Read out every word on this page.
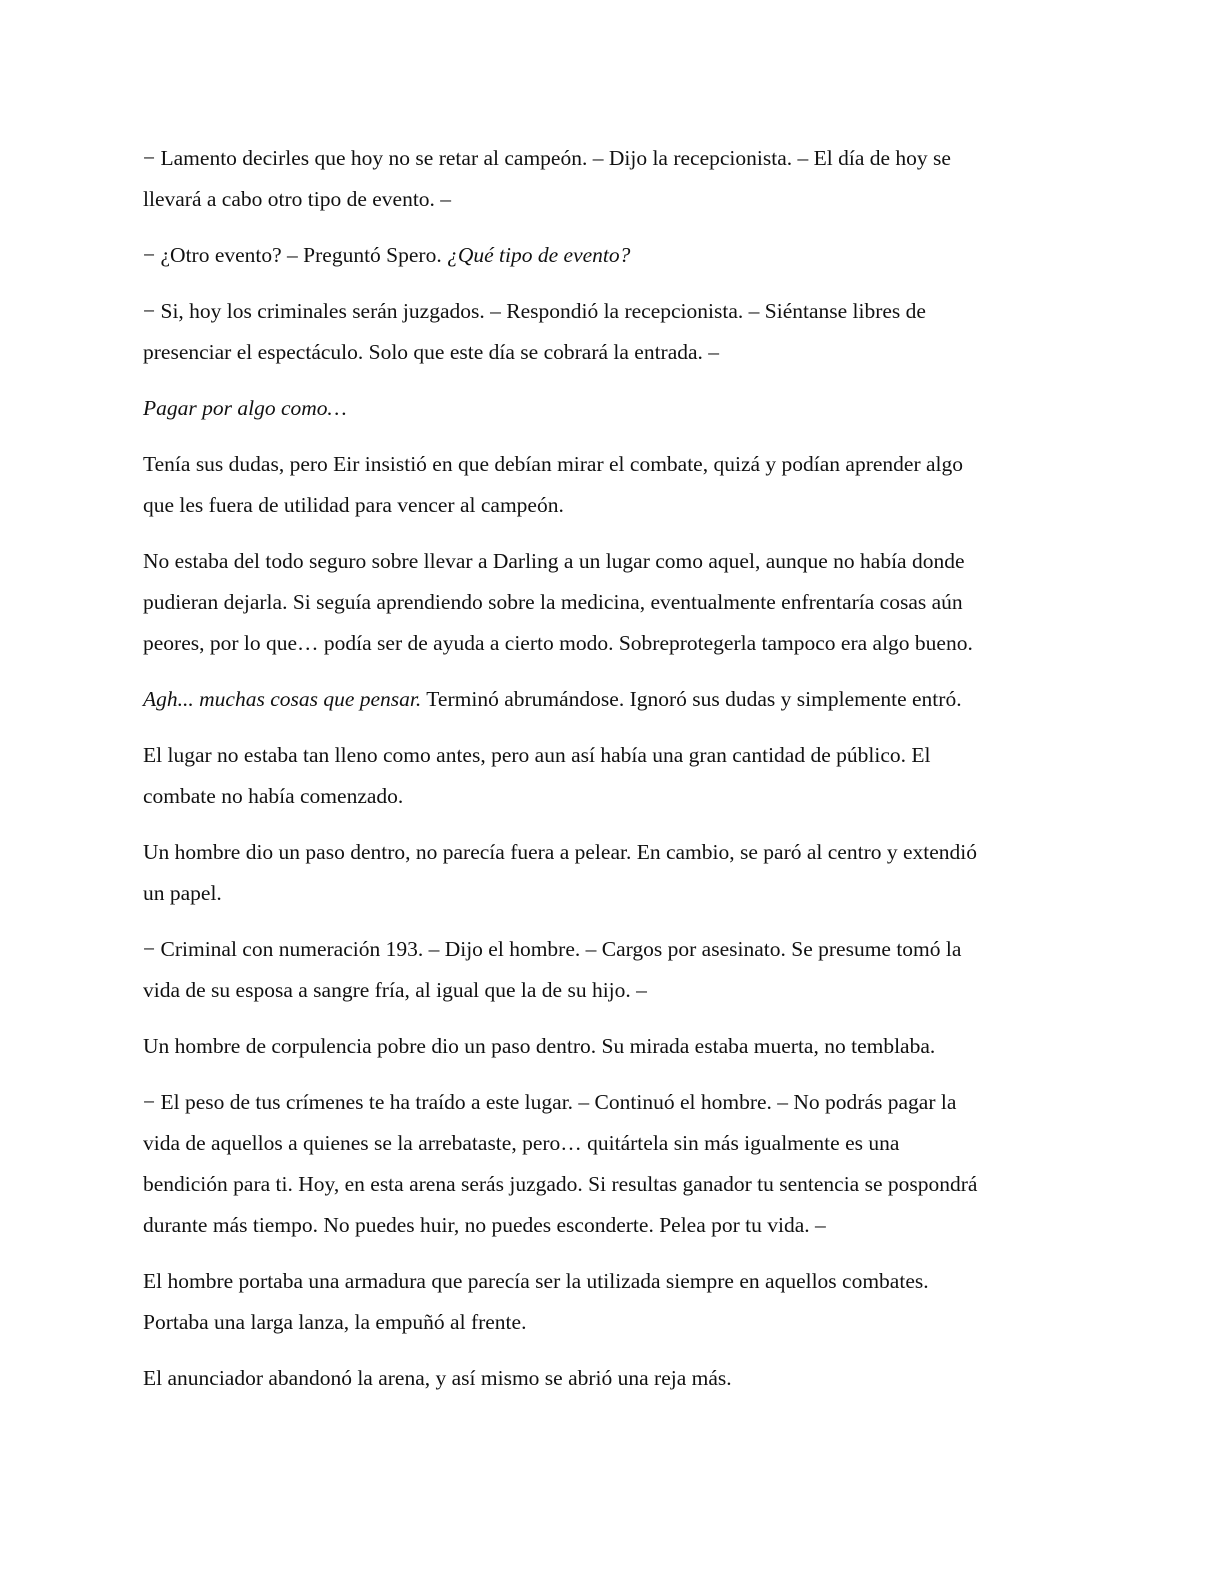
− Lamento decirles que hoy no se retar al campeón. – Dijo la recepcionista. – El día de hoy se
llevará a cabo otro tipo de evento. –

− ¿Otro evento? – Preguntó Spero. ¿Qué tipo de evento?

− Si, hoy los criminales serán juzgados. – Respondió la recepcionista. – Siéntanse libres de
presenciar el espectáculo. Solo que este día se cobrará la entrada. –

Pagar por algo como…

Tenía sus dudas, pero Eir insistió en que debían mirar el combate, quizá y podían aprender algo
que les fuera de utilidad para vencer al campeón.

No estaba del todo seguro sobre llevar a Darling a un lugar como aquel, aunque no había donde
pudieran dejarla. Si seguía aprendiendo sobre la medicina, eventualmente enfrentaría cosas aún
peores, por lo que… podía ser de ayuda a cierto modo. Sobreprotegerla tampoco era algo bueno.

Agh... muchas cosas que pensar. Terminó abrumándose. Ignoró sus dudas y simplemente entró.

El lugar no estaba tan lleno como antes, pero aun así había una gran cantidad de público. El
combate no había comenzado.

Un hombre dio un paso dentro, no parecía fuera a pelear. En cambio, se paró al centro y extendió
un papel.

− Criminal con numeración 193. – Dijo el hombre. – Cargos por asesinato. Se presume tomó la
vida de su esposa a sangre fría, al igual que la de su hijo. –

Un hombre de corpulencia pobre dio un paso dentro. Su mirada estaba muerta, no temblaba.

− El peso de tus crímenes te ha traído a este lugar. – Continuó el hombre. – No podrás pagar la
vida de aquellos a quienes se la arrebataste, pero… quitártela sin más igualmente es una
bendición para ti. Hoy, en esta arena serás juzgado. Si resultas ganador tu sentencia se pospondrá
durante más tiempo. No puedes huir, no puedes esconderte. Pelea por tu vida. –

El hombre portaba una armadura que parecía ser la utilizada siempre en aquellos combates.
Portaba una larga lanza, la empuñó al frente.

El anunciador abandonó la arena, y así mismo se abrió una reja más.
